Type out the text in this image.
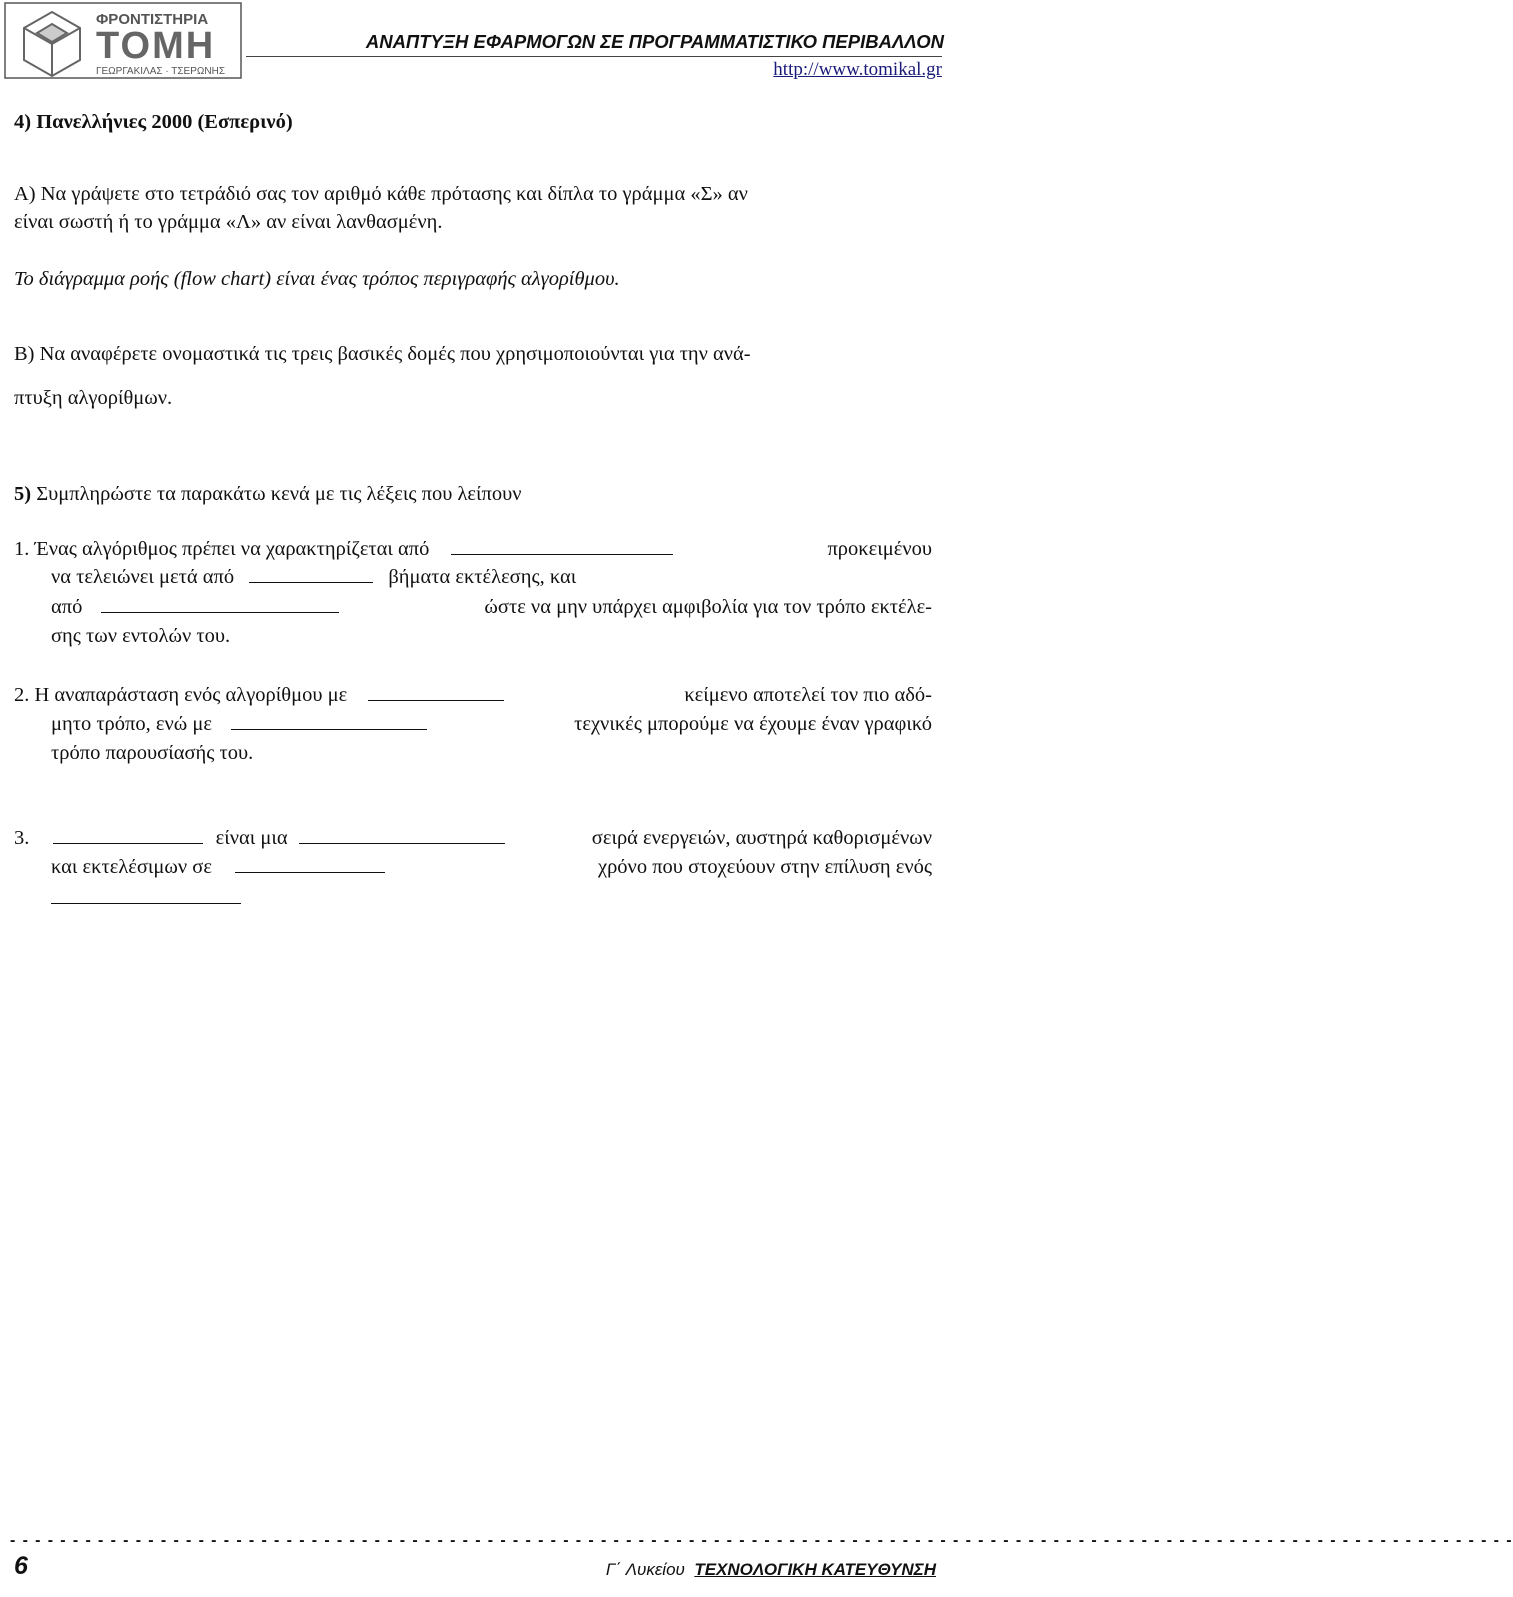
ΦΡΟΝΤΙΣΤΗΡΙΑ
ΤΟΜΗ
ΓΕΩΡΓΑΚΙΛΑΣ · ΤΣΕΡΩΝΗΣ
ΑΝΑΠΤΥΞΗ ΕΦΑΡΜΟΓΩΝ ΣΕ ΠΡΟΓΡΑΜΜΑΤΙΣΤΙΚΟ ΠΕΡΙΒΑΛΛΟΝ
http://www.tomikal.gr
4) Πανελλήνιες 2000 (Εσπερινό)
Α) Να γράψετε στο τετράδιό σας τον αριθμό κάθε πρότασης και δίπλα το γράμμα «Σ» αν
είναι σωστή ή το γράμμα «Λ» αν είναι λανθασμένη.
Το διάγραμμα ροής (flow chart) είναι ένας τρόπος περιγραφής αλγορίθμου.
Β) Να αναφέρετε ονομαστικά τις τρεις βασικές δομές που χρησιμοποιούνται για την ανά-
πτυξη αλγορίθμων.
5) Συμπληρώστε τα παρακάτω κενά με τις λέξεις που λείπουν
1. Ένας αλγόριθμος πρέπει να χαρακτηρίζεται από	προκειμένου
να τελειώνει μετά από	βήματα εκτέλεσης, και
από	ώστε να μην υπάρχει αμφιβολία για τον τρόπο εκτέλε-
σης των εντολών του.
2. Η αναπαράσταση ενός αλγορίθμου με	κείμενο αποτελεί τον πιο αδό-
μητο τρόπο, ενώ με	τεχνικές μπορούμε να έχουμε έναν γραφικό
τρόπο παρουσίασής του.
3.	είναι μια	σειρά ενεργειών, αυστηρά καθορισμένων
και εκτελέσιμων σε	χρόνο που στοχεύουν στην επίλυση ενός
- - - - - - - - - - - - - - - - - - - - - - - - - - - - - - - - - - - - - - - - - - - - - - - - - - - - - - - - - - - - - - - - - - - - - - - - - - - - - - - - - - - - - - - - - - - - - - - - - - - - - - - - - - - - - - - - - - - - - - - -
6	Γ΄ Λυκείου ΤΕΧΝΟΛΟΓΙΚΗ ΚΑΤΕΥΘΥΝΣΗ
